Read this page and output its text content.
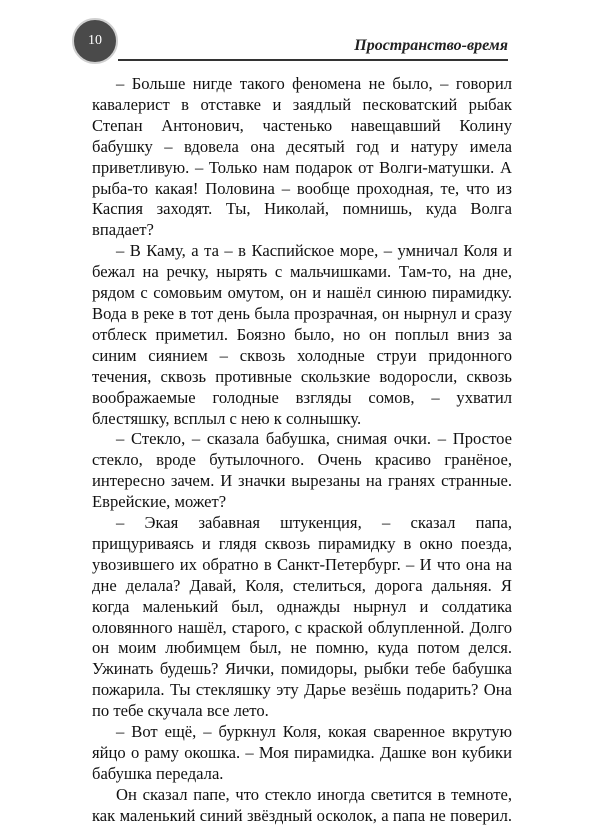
10	Пространство-время

– Больше нигде такого феномена не было, – говорил кавалерист в отставке и заядлый песковатский рыбак Степан Антонович, частенько навещавший Колину бабушку – вдовела она десятый год и натуру имела приветливую. – Только нам подарок от Волги-матушки. А рыба-то какая! Половина – вообще проходная, те, что из Каспия заходят. Ты, Николай, помнишь, куда Волга впадает?

– В Каму, а та – в Каспийское море, – умничал Коля и бежал на речку, нырять с мальчишками. Там-то, на дне, рядом с сомовьим омутом, он и нашёл синюю пирамидку. Вода в реке в тот день была прозрачная, он нырнул и сразу отблеск приметил. Боязно было, но он поплыл вниз за синим сиянием – сквозь холодные струи придонного течения, сквозь противные скользкие водоросли, сквозь воображаемые голодные взгляды сомов, – ухватил блестяшку, всплыл с нею к солнышку.

– Стекло, – сказала бабушка, снимая очки. – Простое стекло, вроде бутылочного. Очень красиво гранёное, интересно зачем. И значки вырезаны на гранях странные. Еврейские, может?

– Экая забавная штукенция, – сказал папа, прищуриваясь и глядя сквозь пирамидку в окно поезда, увозившего их обратно в Санкт-Петербург. – И что она на дне делала? Давай, Коля, стелиться, дорога дальняя. Я когда маленький был, однажды нырнул и солдатика оловянного нашёл, старого, с краской облупленной. Долго он моим любимцем был, не помню, куда потом делся. Ужинать будешь? Яички, помидоры, рыбки тебе бабушка пожарила. Ты стекляшку эту Дарье везёшь подарить? Она по тебе скучала все лето.

– Вот ещё, – буркнул Коля, кокая сваренное вкрутую яйцо о раму окошка. – Моя пирамидка. Дашке вон кубики бабушка передала.

Он сказал папе, что стекло иногда светится в темноте, как маленький синий звёздный осколок, а папа не поверил.
